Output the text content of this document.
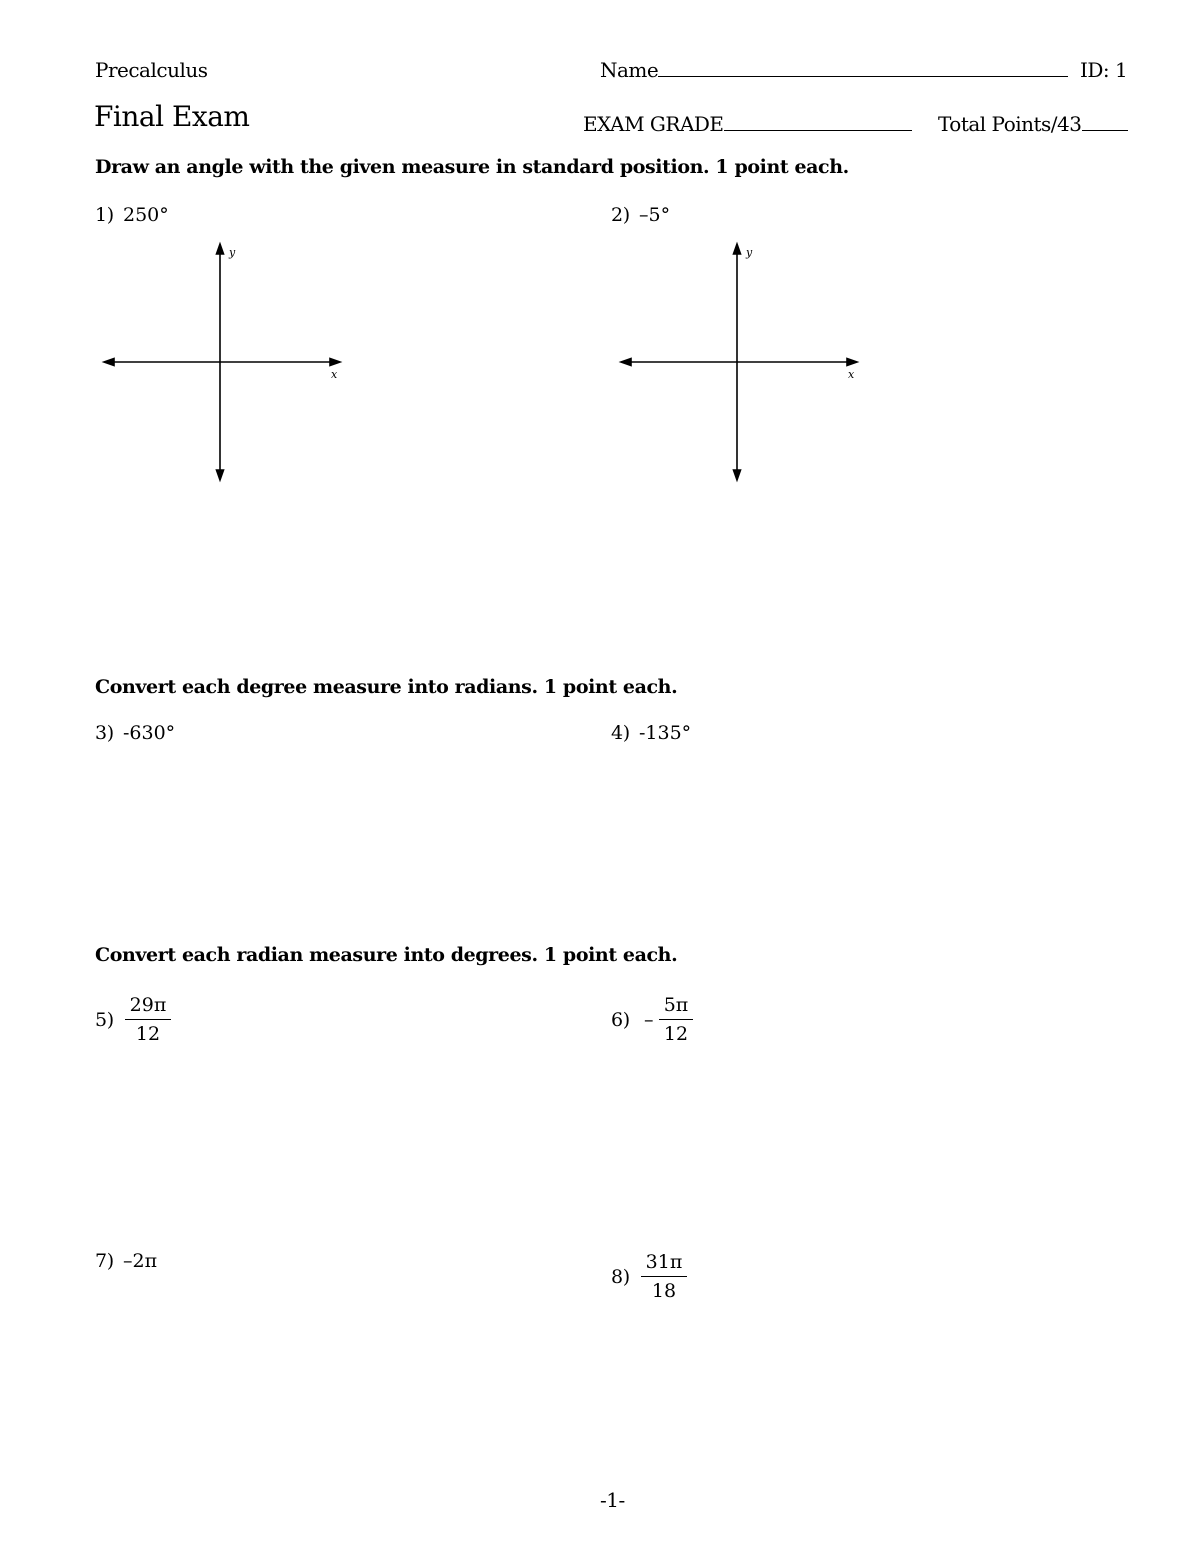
Precalculus	Name	ID: 1
Final Exam	EXAM GRADE	Total Points/43
Draw an angle with the given measure in standard position. 1 point each.
1) 250°
y
x
2) –5°
y
x
Convert each degree measure into radians. 1 point each.
3) -630°	4) -135°
Convert each radian measure into degrees. 1 point each.
$5) \frac{29\pi}{12}$	$6) - \frac{5\pi}{12}$
7) –2π
$8) \frac{31\pi}{18}$
-1-
